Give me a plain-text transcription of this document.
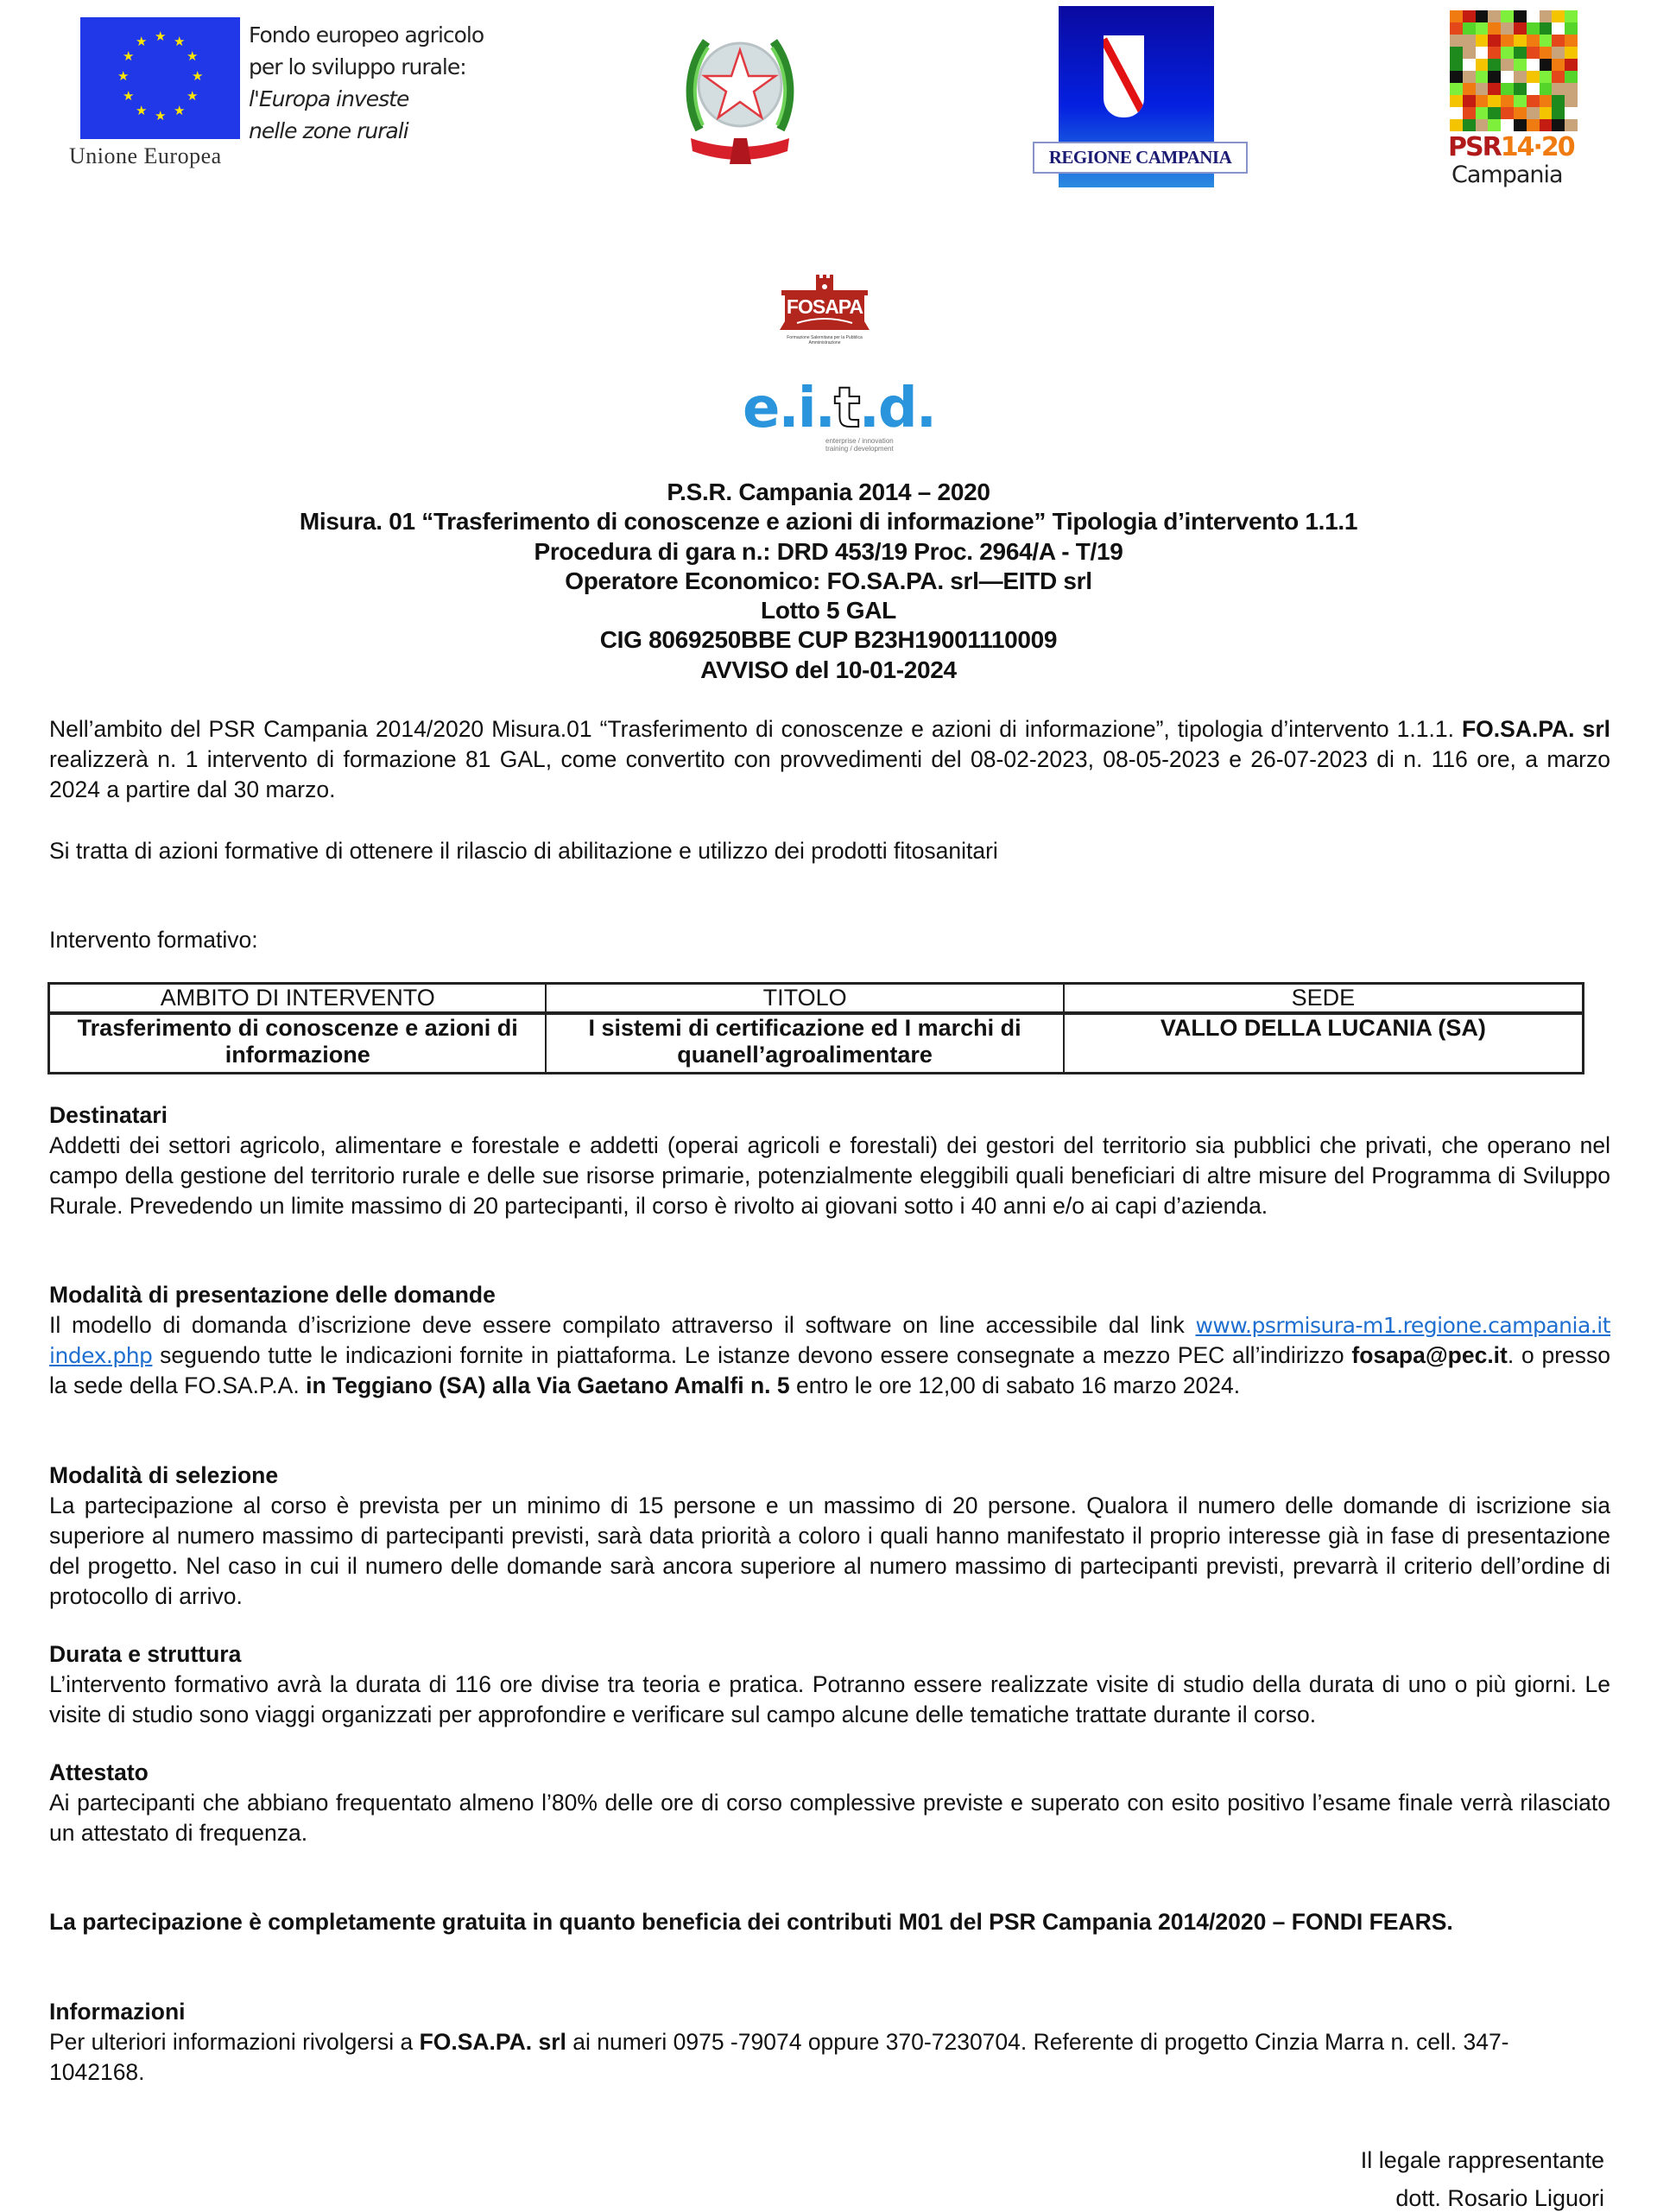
★ ★
★
★
★
★
★
★
★
★
★
★	Fondo europeo agricolo
per lo sviluppo rurale:
l'Europa investe
nelle zone rurali
Unione Europea	REGIONE CAMPANIA	PSR14·20
Campania
FOSAPA
Formazione Salernitana per la Pubblica Amministrazione
e.i.t.d.
enterprise / innovation
training / development
P.S.R. Campania 2014 – 2020
Misura. 01 “Trasferimento di conoscenze e azioni di informazione” Tipologia d’intervento 1.1.1
Procedura di gara n.: DRD 453/19 Proc. 2964/A - T/19
Operatore Economico: FO.SA.PA. srl—EITD srl
Lotto 5 GAL
CIG 8069250BBE CUP B23H19001110009
AVVISO del 10-01-2024
Nell’ambito del PSR Campania 2014/2020 Misura.01 “Trasferimento di conoscenze e azioni di informazione”, tipologia d’intervento 1.1.1. FO.SA.PA. srl realizzerà n. 1 intervento di formazione 81 GAL, come convertito con provvedimenti del 08-02-2023, 08-05-2023 e 26-07-2023 di n. 116 ore, a marzo 2024 a partire dal 30 marzo.
Si tratta di azioni formative di ottenere il rilascio di abilitazione e utilizzo dei prodotti fitosanitari
Intervento formativo:
AMBITO DI INTERVENTO	TITOLO	SEDE
Trasferimento di conoscenze e azioni di informazione	I sistemi di certificazione ed I marchi di quanell’agroalimentare	VALLO DELLA LUCANIA (SA)
Destinatari
Addetti dei settori agricolo, alimentare e forestale e addetti (operai agricoli e forestali) dei gestori del territorio sia pubblici che privati, che operano nel campo della gestione del territorio rurale e delle sue risorse primarie, potenzialmente eleggibili quali beneficiari di altre misure del Programma di Sviluppo Rurale. Prevedendo un limite massimo di 20 partecipanti, il corso è rivolto ai giovani sotto i 40 anni e/o ai capi d’azienda.
Modalità di presentazione delle domande
Il modello di domanda d’iscrizione deve essere compilato attraverso il software on line accessibile dal link www.psrmisura-m1.regione.campania.it index.php seguendo tutte le indicazioni fornite in piattaforma. Le istanze devono essere consegnate a mezzo PEC all’indirizzo fosapa@pec.it. o presso la sede della FO.SA.P.A. in Teggiano (SA) alla Via Gaetano Amalfi n. 5 entro le ore 12,00 di sabato 16 marzo 2024.
Modalità di selezione
La partecipazione al corso è prevista per un minimo di 15 persone e un massimo di 20 persone. Qualora il numero delle domande di iscrizione sia superiore al numero massimo di partecipanti previsti, sarà data priorità a coloro i quali hanno manifestato il proprio interesse già in fase di presentazione del progetto. Nel caso in cui il numero delle domande sarà ancora superiore al numero massimo di partecipanti previsti, prevarrà il criterio dell’ordine di protocollo di arrivo.
Durata e struttura
L’intervento formativo avrà la durata di 116 ore divise tra teoria e pratica. Potranno essere realizzate visite di studio della durata di uno o più giorni. Le visite di studio sono viaggi organizzati per approfondire e verificare sul campo alcune delle tematiche trattate durante il corso.
Attestato
Ai partecipanti che abbiano frequentato almeno l’80% delle ore di corso complessive previste e superato con esito positivo l’esame finale verrà rilasciato un attestato di frequenza.
La partecipazione è completamente gratuita in quanto beneficia dei contributi M01 del PSR Campania 2014/2020 – FONDI FEARS.
Informazioni
Per ulteriori informazioni rivolgersi a FO.SA.PA. srl ai numeri 0975 -79074 oppure 370-7230704. Referente di progetto Cinzia Marra n. cell. 347-1042168.
Il legale rappresentante
dott. Rosario Liguori
